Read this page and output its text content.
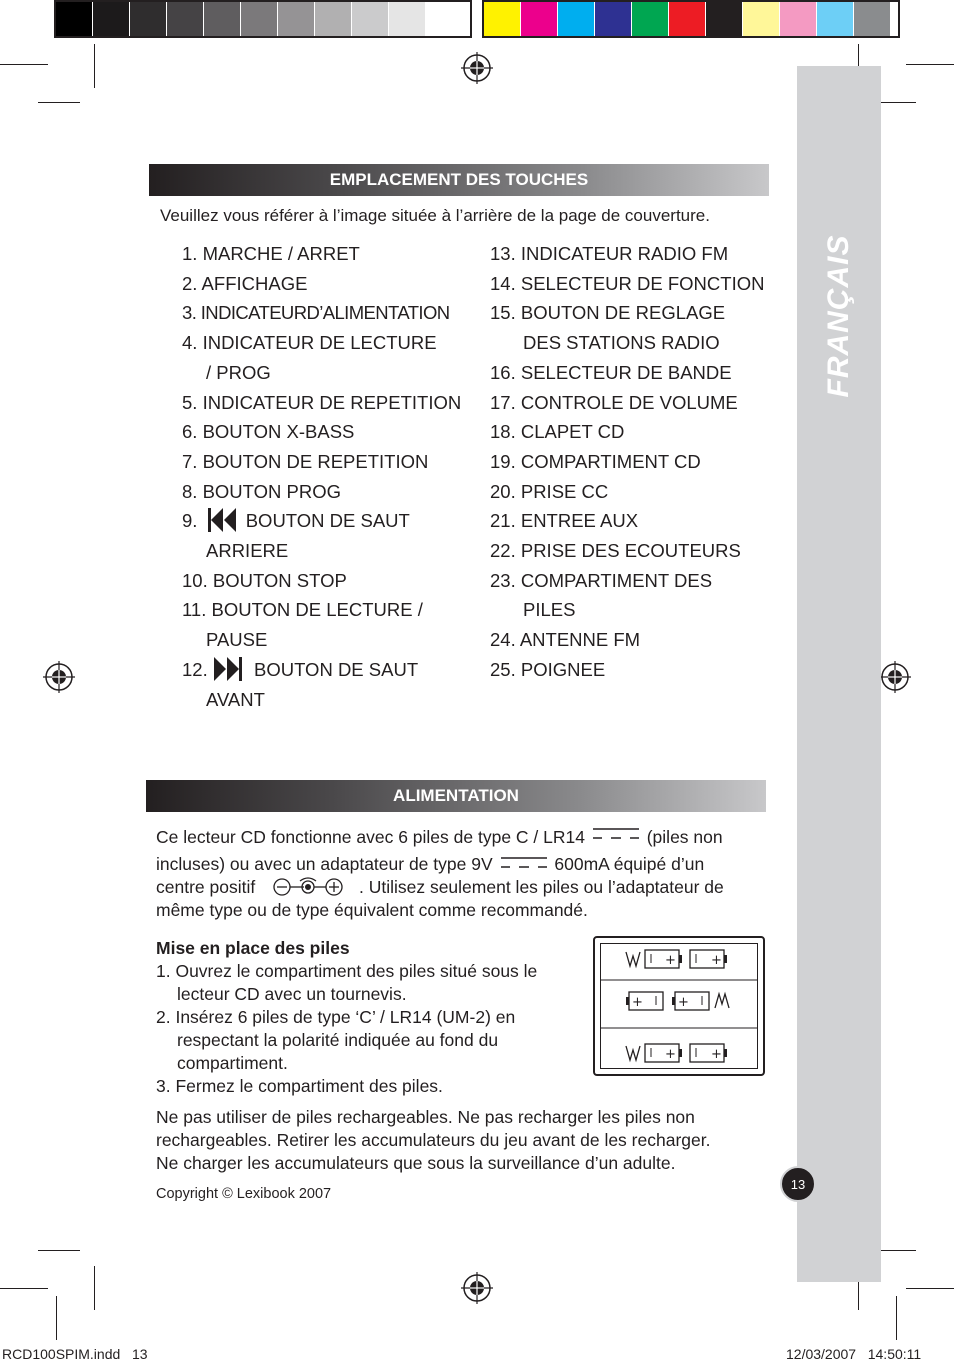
FRANÇAIS
EMPLACEMENT DES TOUCHES
Veuillez vous référer à l’image située à l’arrière de la page de couverture.
1. MARCHE / ARRET
2. AFFICHAGE
3. INDICATEURD’ALIMENTATION
4. INDICATEUR DE LECTURE
/ PROG
5. INDICATEUR DE REPETITION
6. BOUTON X-BASS
7. BOUTON DE REPETITION
8. BOUTON PROG
9.	BOUTON DE SAUT
ARRIERE
10. BOUTON STOP
11. BOUTON DE LECTURE /
PAUSE
12.	BOUTON DE SAUT
AVANT
13. INDICATEUR RADIO FM
14. SELECTEUR DE FONCTION
15. BOUTON DE REGLAGE
DES STATIONS RADIO
16. SELECTEUR DE BANDE
17. CONTROLE DE VOLUME
18. CLAPET CD
19. COMPARTIMENT CD
20. PRISE CC
21. ENTREE AUX
22. PRISE DES ECOUTEURS
23. COMPARTIMENT DES
PILES
24. ANTENNE FM
25. POIGNEE
ALIMENTATION
Ce lecteur CD fonctionne avec 6 piles de type C / LR14	(piles non
incluses) ou avec un adaptateur de type 9V	600mA équipé d’un
centre positif	. Utilisez seulement les piles ou l’adaptateur de
même type ou de type équivalent comme recommandé.
Mise en place des piles
1. Ouvrez le compartiment des piles situé sous le
lecteur CD avec un tournevis.
2. Insérez 6 piles de type ‘C’ / LR14 (UM-2) en
respectant la polarité indiquée au fond du
compartiment.
3. Fermez le compartiment des piles.
+	+
+	+
+	+
Ne pas utiliser de piles rechargeables. Ne pas recharger les piles non
rechargeables. Retirer les accumulateurs du jeu avant de les recharger.
Ne charger les accumulateurs que sous la surveillance d’un adulte.
Copyright © Lexibook 2007
13
RCD100SPIM.indd   13	12/03/2007   14:50:11
